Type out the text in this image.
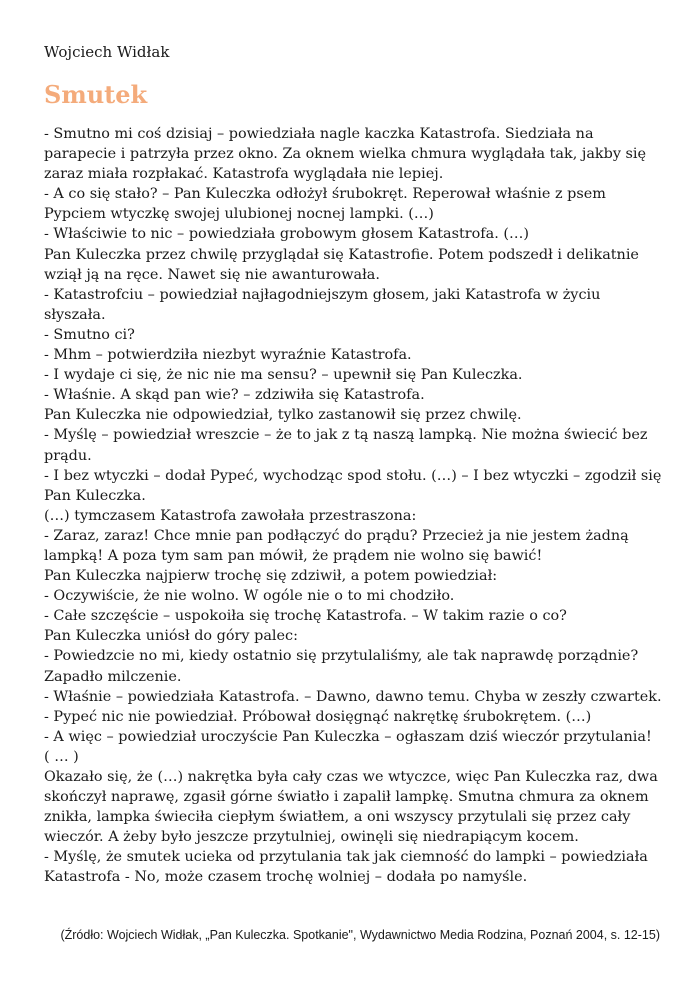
Wojciech Widłak
Smutek
- Smutno mi coś dzisiaj – powiedziała nagle kaczka Katastrofa. Siedziała na
parapecie i patrzyła przez okno. Za oknem wielka chmura wyglądała tak, jakby się
zaraz miała rozpłakać. Katastrofa wyglądała nie lepiej.
- A co się stało? – Pan Kuleczka odłożył śrubokręt. Reperował właśnie z psem
Pypciem wtyczkę swojej ulubionej nocnej lampki. (…)
- Właściwie to nic – powiedziała grobowym głosem Katastrofa. (…)
Pan Kuleczka przez chwilę przyglądał się Katastrofie. Potem podszedł i delikatnie
wziął ją na ręce. Nawet się nie awanturowała.
- Katastrofciu – powiedział najłagodniejszym głosem, jaki Katastrofa w życiu
słyszała.
- Smutno ci?
- Mhm – potwierdziła niezbyt wyraźnie Katastrofa.
- I wydaje ci się, że nic nie ma sensu? – upewnił się Pan Kuleczka.
- Właśnie. A skąd pan wie? – zdziwiła się Katastrofa.
Pan Kuleczka nie odpowiedział, tylko zastanowił się przez chwilę.
- Myślę – powiedział wreszcie – że to jak z tą naszą lampką. Nie można świecić bez
prądu.
- I bez wtyczki – dodał Pypeć, wychodząc spod stołu. (…) – I bez wtyczki – zgodził się
Pan Kuleczka.
(…) tymczasem Katastrofa zawołała przestraszona:
- Zaraz, zaraz! Chce mnie pan podłączyć do prądu? Przecież ja nie jestem żadną
lampką! A poza tym sam pan mówił, że prądem nie wolno się bawić!
Pan Kuleczka najpierw trochę się zdziwił, a potem powiedział:
- Oczywiście, że nie wolno. W ogóle nie o to mi chodziło.
- Całe szczęście – uspokoiła się trochę Katastrofa. – W takim razie o co?
Pan Kuleczka uniósł do góry palec:
- Powiedzcie no mi, kiedy ostatnio się przytulaliśmy, ale tak naprawdę porządnie?
Zapadło milczenie.
- Właśnie – powiedziała Katastrofa. – Dawno, dawno temu. Chyba w zeszły czwartek.
- Pypeć nic nie powiedział. Próbował dosięgnąć nakrętkę śrubokrętem. (…)
- A więc – powiedział uroczyście Pan Kuleczka – ogłaszam dziś wieczór przytulania!
( … )
Okazało się, że (…) nakrętka była cały czas we wtyczce, więc Pan Kuleczka raz, dwa
skończył naprawę, zgasił górne światło i zapalił lampkę. Smutna chmura za oknem
znikła, lampka świeciła ciepłym światłem, a oni wszyscy przytulali się przez cały
wieczór. A żeby było jeszcze przytulniej, owinęli się niedrapiącym kocem.
- Myślę, że smutek ucieka od przytulania tak jak ciemność do lampki – powiedziała
Katastrofa - No, może czasem trochę wolniej – dodała po namyśle.
(Źródło: Wojciech Widłak, „Pan Kuleczka. Spotkanie", Wydawnictwo Media Rodzina, Poznań 2004, s. 12-15)
